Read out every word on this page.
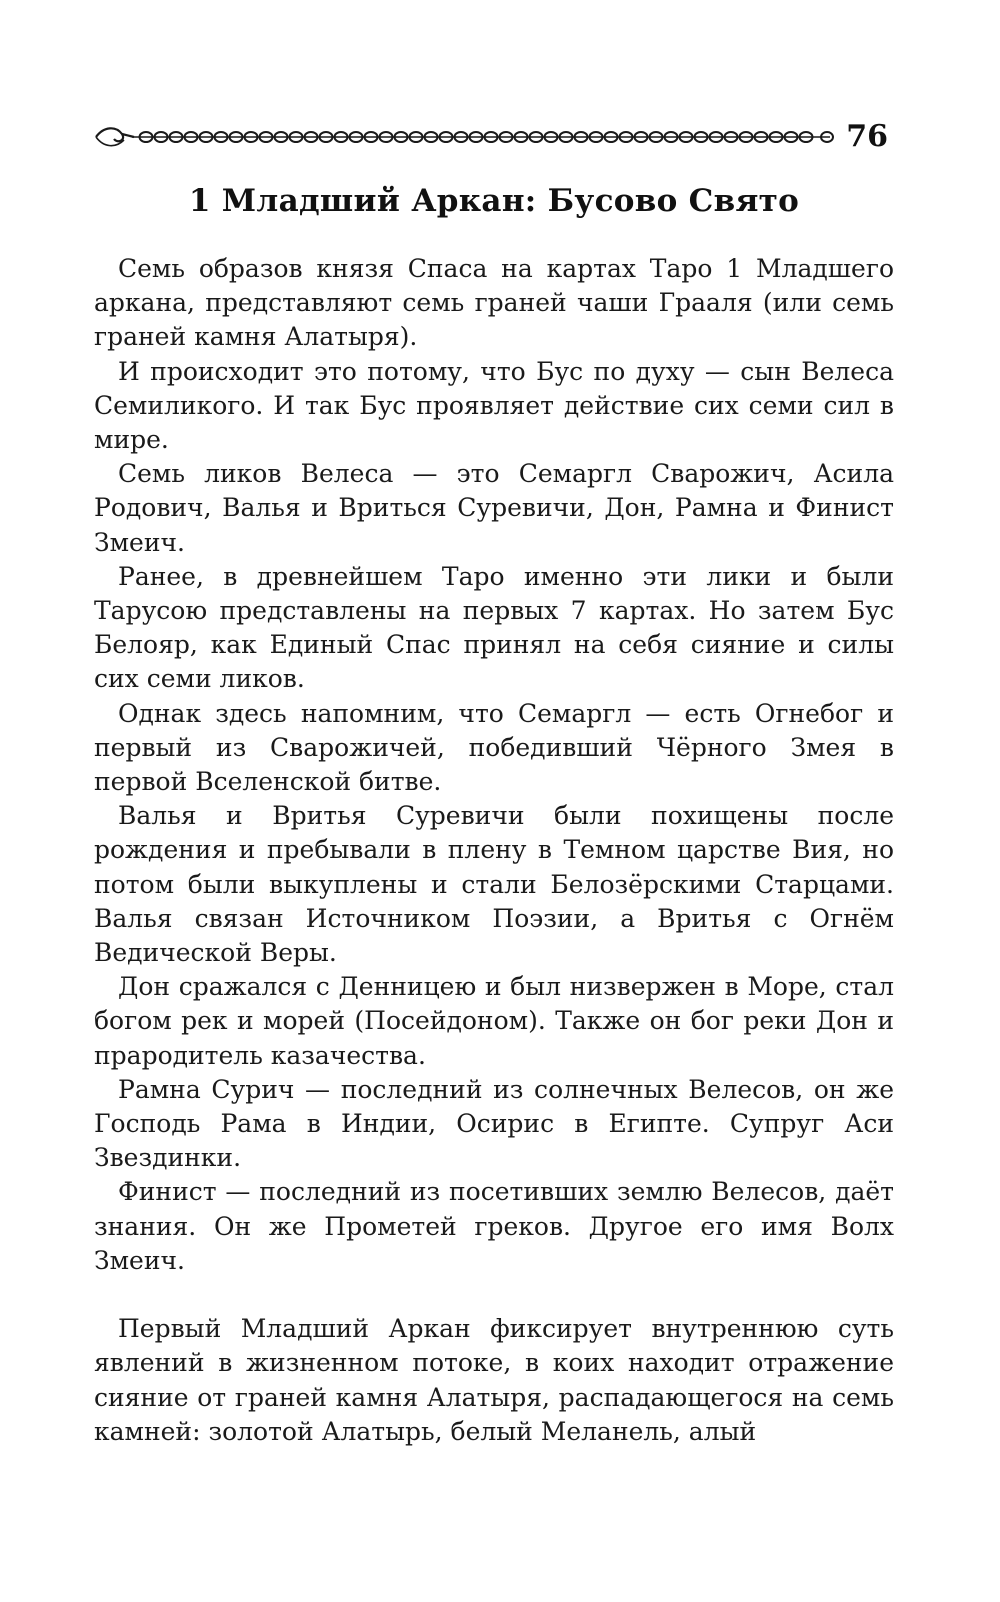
76
1 Младший Аркан: Бусово Свято

Семь образов князя Спаса на картах Таро 1 Младшего аркана, представляют семь граней чаши Грааля (или семь граней камня Алатыря).

И происходит это потому, что Бус по духу — сын Велеса Семиликого. И так Бус проявляет действие сих семи сил в мире.

Семь ликов Велеса — это Семаргл Сварожич, Асила Родович, Валья и Вриться Суревичи, Дон, Рамна и Финист Змеич.

Ранее, в древнейшем Таро именно эти лики и были Тарусою представлены на первых 7 картах. Но затем Бус Белояр, как Единый Спас принял на себя сияние и силы сих семи ликов.

Однак здесь напомним, что Семаргл — есть Огнебог и первый из Сварожичей, победивший Чёрного Змея в первой Вселенской битве.

Валья и Вритья Суревичи были похищены после рождения и пребывали в плену в Темном царстве Вия, но потом были выкуплены и стали Белозёрскими Старцами. Валья связан Источником Поэзии, а Вритья с Огнём Ведической Веры.

Дон сражался с Денницею и был низвержен в Море, стал богом рек и морей (Посейдоном). Также он бог реки Дон и прародитель казачества.

Рамна Сурич — последний из солнечных Велесов, он же Господь Рама в Индии, Осирис в Египте. Супруг Аси Звездинки.

Финист — последний из посетивших землю Велесов, даёт знания. Он же Прометей греков. Другое его имя Волх Змеич.

Первый Младший Аркан фиксирует внутреннюю суть явлений в жизненном потоке, в коих находит отражение сияние от граней камня Алатыря, распадающегося на семь камней: золотой Алатырь, белый Меланель, алый
